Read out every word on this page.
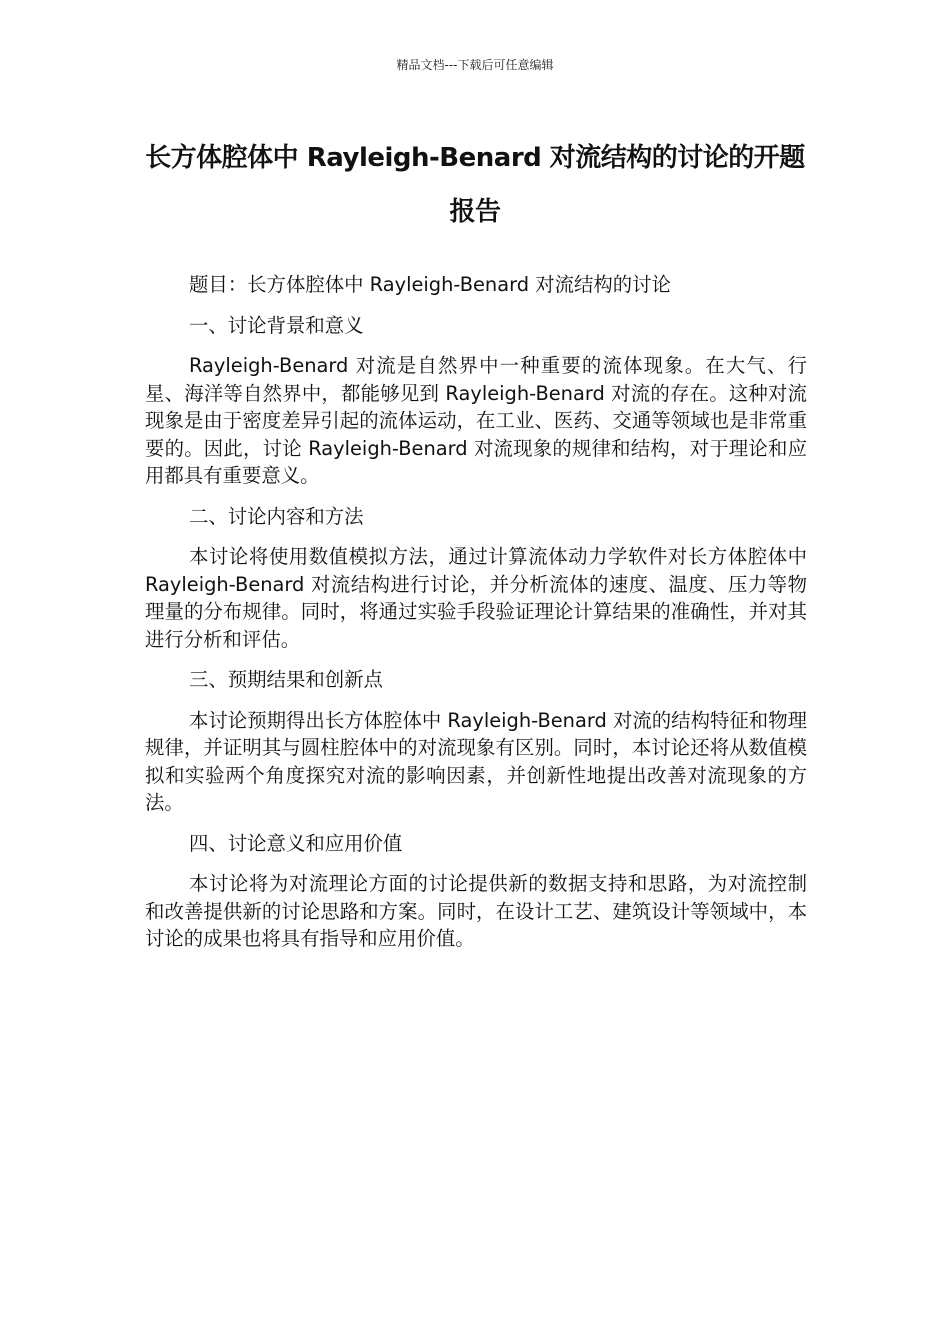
精品文档---下载后可任意编辑
长方体腔体中 Rayleigh-Benard 对流结构的讨论的开题报告

题目：长方体腔体中 Rayleigh-Benard 对流结构的讨论

一、讨论背景和意义

Rayleigh-Benard 对流是自然界中一种重要的流体现象。在大气、行星、海洋等自然界中，都能够见到 Rayleigh-Benard 对流的存在。这种对流现象是由于密度差异引起的流体运动，在工业、医药、交通等领域也是非常重要的。因此，讨论 Rayleigh-Benard 对流现象的规律和结构，对于理论和应用都具有重要意义。

二、讨论内容和方法

本讨论将使用数值模拟方法，通过计算流体动力学软件对长方体腔体中 Rayleigh-Benard 对流结构进行讨论，并分析流体的速度、温度、压力等物理量的分布规律。同时，将通过实验手段验证理论计算结果的准确性，并对其进行分析和评估。

三、预期结果和创新点

本讨论预期得出长方体腔体中 Rayleigh-Benard 对流的结构特征和物理规律，并证明其与圆柱腔体中的对流现象有区别。同时，本讨论还将从数值模拟和实验两个角度探究对流的影响因素，并创新性地提出改善对流现象的方法。

四、讨论意义和应用价值

本讨论将为对流理论方面的讨论提供新的数据支持和思路，为对流控制和改善提供新的讨论思路和方案。同时，在设计工艺、建筑设计等领域中，本讨论的成果也将具有指导和应用价值。
